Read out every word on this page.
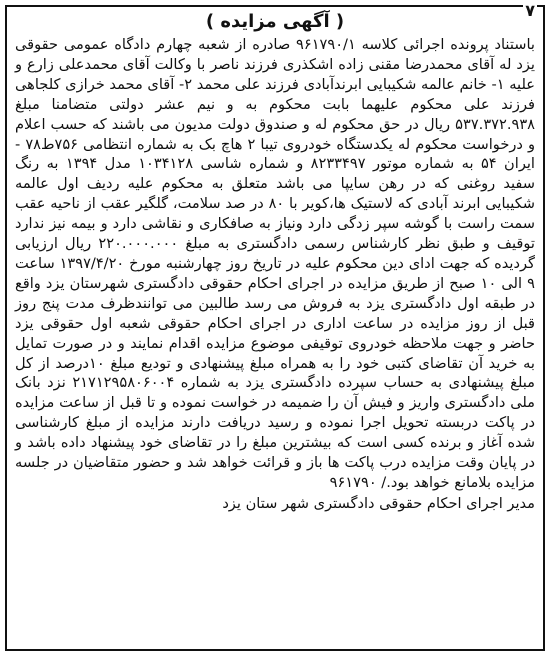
٧

( آگهی مزایده )

باستناد پرونده اجرائی کلاسه ۹۶۱۷۹۰/۱ صادره از شعبه چهارم دادگاه عمومی حقوقی یزد له آقای محمدرضا مقنی زاده اشکذری فرزند ناصر با وکالت آقای محمدعلی زارع و علیه ۱- خانم عالمه شکیبایی ابرندآبادی فرزند علی محمد ۲- آقای محمد خرازی کلجاهی فرزند علی محکوم علیهما بابت محکوم به و نیم عشر دولتی متضامنا مبلغ ۵۳۷.۳۷۲.۹۳۸ ریال در حق محکوم له و صندوق دولت مدیون می باشند که حسب اعلام و درخواست محکوم له یکدستگاه خودروی تیبا ۲ هاچ بک به شماره انتظامی ۷۵۶ط۷۸ - ایران ۵۴ به شماره موتور ۸۲۳۳۴۹۷ و شماره شاسی ۱۰۳۴۱۲۸ مدل ۱۳۹۴ به رنگ سفید روغنی که در رهن سایپا می باشد متعلق به محکوم علیه ردیف اول عالمه شکیبایی ابرند آبادی که لاستیک ها،کویر با ۸۰ در صد سلامت، گلگیر عقب از ناحیه عقب سمت راست با گوشه سپر زدگی دارد ونیاز به صافکاری و نقاشی دارد و بیمه نیز ندارد توقیف و طبق نظر کارشناس رسمی دادگستری به مبلغ ۲۲۰.۰۰۰.۰۰۰ ریال ارزیابی گردیده که جهت ادای دین محکوم علیه در تاریخ روز چهارشنبه مورخ ۱۳۹۷/۴/۲۰ ساعت ۹ الی ۱۰ صبح از طریق مزایده در اجرای احکام حقوقی دادگستری شهرستان یزد واقع در طبقه اول دادگستری یزد به فروش می رسد طالبین می توانندظرف مدت پنج روز قبل از روز مزایده در ساعت اداری در اجرای احکام حقوقی شعبه اول حقوقی یزد حاضر و جهت ملاحظه خودروی توقیفی موضوع مزایده اقدام نمایند و در صورت تمایل به خرید آن تقاضای کتبی خود را به همراه مبلغ پیشنهادی و تودیع مبلغ ۱۰درصد از کل مبلغ پیشنهادی به حساب سپرده دادگستری یزد به شماره ۲۱۷۱۲۹۵۸۰۶۰۰۴ نزد بانک ملی دادگستری واریز و فیش آن را ضمیمه در خواست نموده و تا قبل از ساعت مزایده در پاکت دربسته تحویل اجرا نموده و رسید دریافت دارند مزایده از مبلغ کارشناسی شده آغاز و برنده کسی است که بیشترین مبلغ را در تقاضای خود پیشنهاد داده باشد و در پایان وقت مزایده درب پاکت ها باز و قرائت خواهد شد و حضور متقاضیان در جلسه مزایده بلامانع خواهد بود./ ۹۶۱۷۹۰

مدیر اجرای احکام حقوقی دادگستری شهر ستان یزد
